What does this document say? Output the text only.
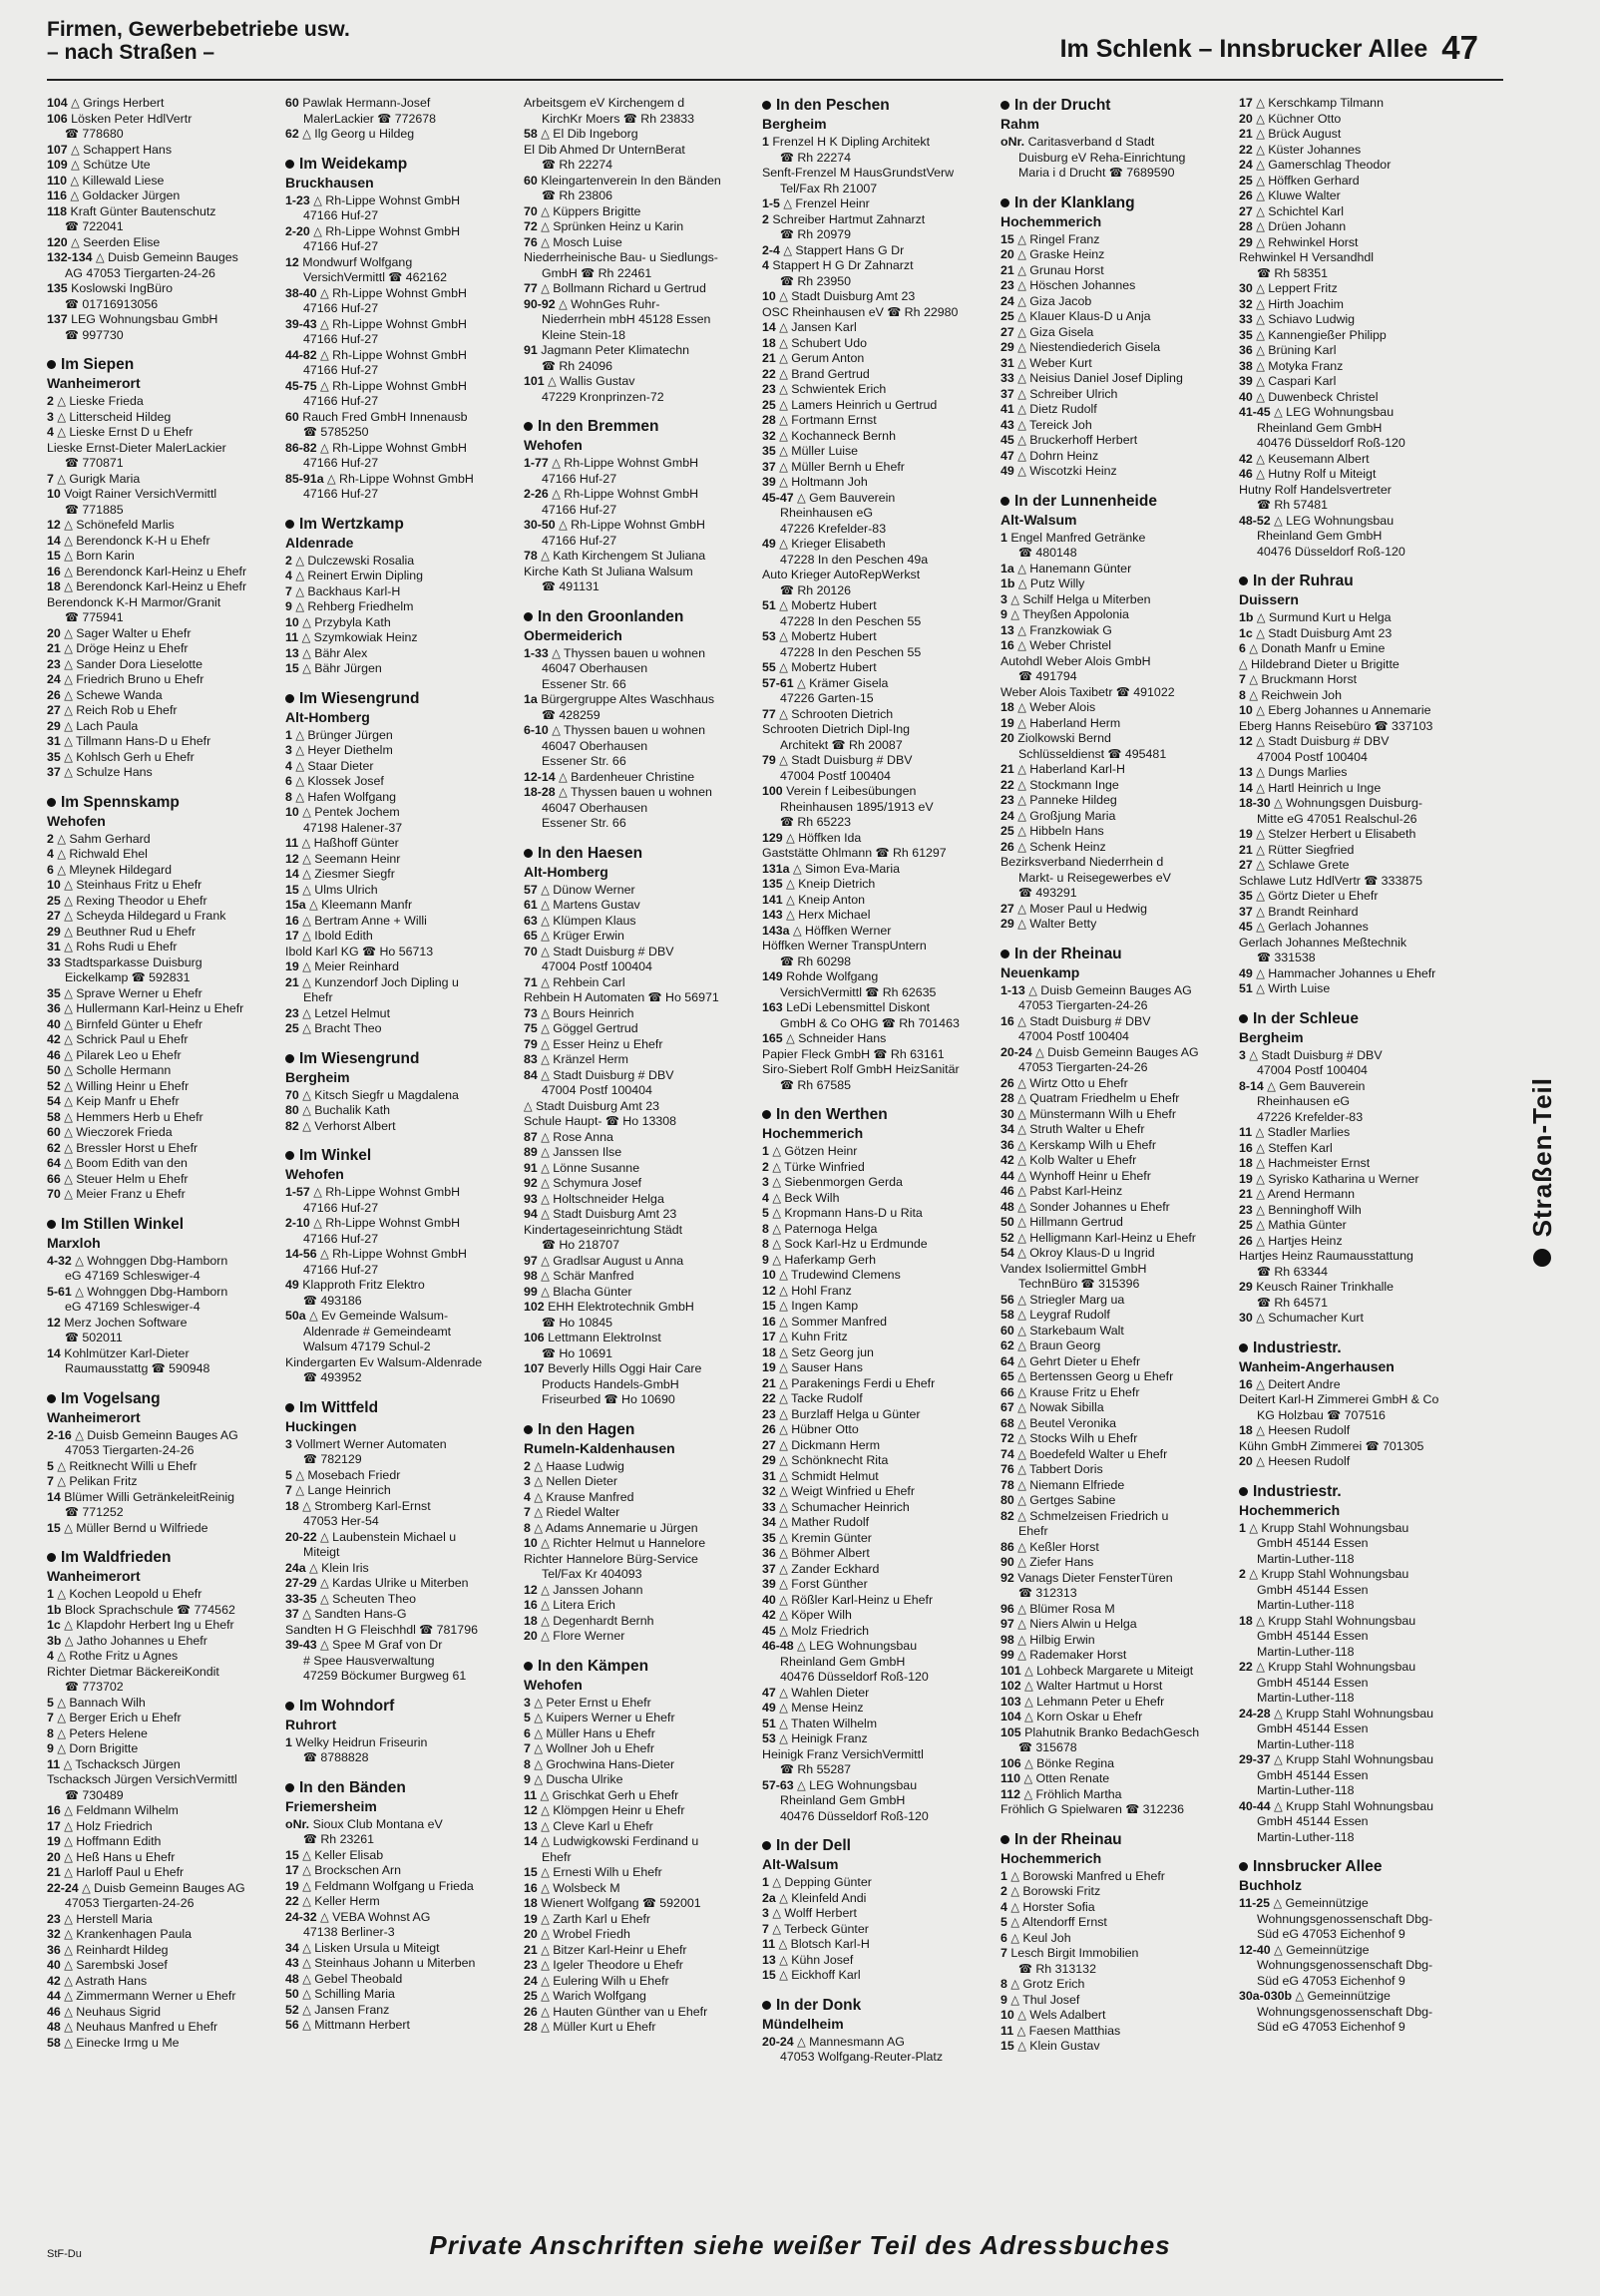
Firmen, Gewerbebetriebe usw.
– nach Straßen –	Im Schlenk – Innsbrucker Allee 47
104 △ Grings Herbert
106 Lösken Peter HdlVertr
☎ 778680
107 △ Schappert Hans
109 △ Schütze Ute
110 △ Killewald Liese
116 △ Goldacker Jürgen
118 Kraft Günter Bautenschutz
☎ 722041
120 △ Seerden Elise
132-134 △ Duisb Gemeinn Bauges
AG 47053 Tiergarten-24-26
135 Koslowski IngBüro
☎ 01716913056
137 LEG Wohnungsbau GmbH
☎ 997730
Im Siepen
Wanheimerort
2 △ Lieske Frieda
3 △ Litterscheid Hildeg
4 △ Lieske Ernst D u Ehefr
Lieske Ernst-Dieter MalerLackier
☎ 770871
7 △ Gurigk Maria
10 Voigt Rainer VersichVermittl
☎ 771885
12 △ Schönefeld Marlis
14 △ Berendonck K-H u Ehefr
15 △ Born Karin
16 △ Berendonck Karl-Heinz u Ehefr
18 △ Berendonck Karl-Heinz u Ehefr
Berendonck K-H Marmor/Granit
☎ 775941
20 △ Sager Walter u Ehefr
21 △ Dröge Heinz u Ehefr
23 △ Sander Dora Lieselotte
24 △ Friedrich Bruno u Ehefr
26 △ Schewe Wanda
27 △ Reich Rob u Ehefr
29 △ Lach Paula
31 △ Tillmann Hans-D u Ehefr
35 △ Kohlsch Gerh u Ehefr
37 △ Schulze Hans
Im Spennskamp
Wehofen
2 △ Sahm Gerhard
4 △ Richwald Ehel
6 △ Mleynek Hildegard
10 △ Steinhaus Fritz u Ehefr
25 △ Rexing Theodor u Ehefr
27 △ Scheyda Hildegard u Frank
29 △ Beuthner Rud u Ehefr
31 △ Rohs Rudi u Ehefr
33 Stadtsparkasse Duisburg
Eickelkamp ☎ 592831
35 △ Sprave Werner u Ehefr
36 △ Hullermann Karl-Heinz u Ehefr
40 △ Birnfeld Günter u Ehefr
42 △ Schrick Paul u Ehefr
46 △ Pilarek Leo u Ehefr
50 △ Scholle Hermann
52 △ Willing Heinr u Ehefr
54 △ Keip Manfr u Ehefr
58 △ Hemmers Herb u Ehefr
60 △ Wieczorek Frieda
62 △ Bressler Horst u Ehefr
64 △ Boom Edith van den
66 △ Steuer Helm u Ehefr
70 △ Meier Franz u Ehefr
Im Stillen Winkel
Marxloh
4-32 △ Wohnggen Dbg-Hamborn
eG 47169 Schleswiger-4
5-61 △ Wohnggen Dbg-Hamborn
eG 47169 Schleswiger-4
12 Merz Jochen Software
☎ 502011
14 Kohlmützer Karl-Dieter
Raumausstattg ☎ 590948
Im Vogelsang
Wanheimerort
2-16 △ Duisb Gemeinn Bauges AG
47053 Tiergarten-24-26
5 △ Reitknecht Willi u Ehefr
7 △ Pelikan Fritz
14 Blümer Willi GetränkeleitReinig
☎ 771252
15 △ Müller Bernd u Wilfriede
Im Waldfrieden
Wanheimerort
1 △ Kochen Leopold u Ehefr
1b Block Sprachschule ☎ 774562
1c △ Klapdohr Herbert Ing u Ehefr
3b △ Jatho Johannes u Ehefr
4 △ Rothe Fritz u Agnes
Richter Dietmar BäckereiKondit
☎ 773702
5 △ Bannach Wilh
7 △ Berger Erich u Ehefr
8 △ Peters Helene
9 △ Dorn Brigitte
11 △ Tschacksch Jürgen
Tschacksch Jürgen VersichVermittl
☎ 730489
16 △ Feldmann Wilhelm
17 △ Holz Friedrich
19 △ Hoffmann Edith
20 △ Heß Hans u Ehefr
21 △ Harloff Paul u Ehefr
22-24 △ Duisb Gemeinn Bauges AG
47053 Tiergarten-24-26
23 △ Herstell Maria
32 △ Krankenhagen Paula
36 △ Reinhardt Hildeg
40 △ Sarembski Josef
42 △ Astrath Hans
44 △ Zimmermann Werner u Ehefr
46 △ Neuhaus Sigrid
48 △ Neuhaus Manfred u Ehefr
58 △ Einecke Irmg u Me
60 Pawlak Hermann-Josef
MalerLackier ☎ 772678
62 △ Ilg Georg u Hildeg
Im Weidekamp
Bruckhausen
1-23 △ Rh-Lippe Wohnst GmbH
47166 Huf-27
2-20 △ Rh-Lippe Wohnst GmbH
47166 Huf-27
12 Mondwurf Wolfgang
VersichVermittl ☎ 462162
38-40 △ Rh-Lippe Wohnst GmbH
47166 Huf-27
39-43 △ Rh-Lippe Wohnst GmbH
47166 Huf-27
44-82 △ Rh-Lippe Wohnst GmbH
47166 Huf-27
45-75 △ Rh-Lippe Wohnst GmbH
47166 Huf-27
60 Rauch Fred GmbH Innenausb
☎ 5785250
86-82 △ Rh-Lippe Wohnst GmbH
47166 Huf-27
85-91a △ Rh-Lippe Wohnst GmbH
47166 Huf-27
Im Wertzkamp
Aldenrade
2 △ Dulczewski Rosalia
4 △ Reinert Erwin Dipling
7 △ Backhaus Karl-H
9 △ Rehberg Friedhelm
10 △ Przybyla Kath
11 △ Szymkowiak Heinz
13 △ Bähr Alex
15 △ Bähr Jürgen
Im Wiesengrund
Alt-Homberg
1 △ Brünger Jürgen
3 △ Heyer Diethelm
4 △ Staar Dieter
6 △ Klossek Josef
8 △ Hafen Wolfgang
10 △ Pentek Jochem
47198 Halener-37
11 △ Haßhoff Günter
12 △ Seemann Heinr
14 △ Ziesmer Siegfr
15 △ Ulms Ulrich
15a △ Kleemann Manfr
16 △ Bertram Anne + Willi
17 △ Ibold Edith
Ibold Karl KG ☎ Ho 56713
19 △ Meier Reinhard
21 △ Kunzendorf Joch Dipling u
Ehefr
23 △ Letzel Helmut
25 △ Bracht Theo
Im Wiesengrund
Bergheim
70 △ Kitsch Siegfr u Magdalena
80 △ Buchalik Kath
82 △ Verhorst Albert
Im Winkel
Wehofen
1-57 △ Rh-Lippe Wohnst GmbH
47166 Huf-27
2-10 △ Rh-Lippe Wohnst GmbH
47166 Huf-27
14-56 △ Rh-Lippe Wohnst GmbH
47166 Huf-27
49 Klapproth Fritz Elektro
☎ 493186
50a △ Ev Gemeinde Walsum-
Aldenrade # Gemeindeamt
Walsum 47179 Schul-2
Kindergarten Ev Walsum-Aldenrade
☎ 493952
Im Wittfeld
Huckingen
3 Vollmert Werner Automaten
☎ 782129
5 △ Mosebach Friedr
7 △ Lange Heinrich
18 △ Stromberg Karl-Ernst
47053 Her-54
20-22 △ Laubenstein Michael u
Miteigt
24a △ Klein Iris
27-29 △ Kardas Ulrike u Miterben
33-35 △ Scheuten Theo
37 △ Sandten Hans-G
Sandten H G Fleischhdl ☎ 781796
39-43 △ Spee M Graf von Dr
# Spee Hausverwaltung
47259 Böckumer Burgweg 61
Im Wohndorf
Ruhrort
1 Welky Heidrun Friseurin
☎ 8788828
In den Bänden
Friemersheim
oNr. Sioux Club Montana eV
☎ Rh 23261
15 △ Keller Elisab
17 △ Brockschen Arn
19 △ Feldmann Wolfgang u Frieda
22 △ Keller Herm
24-32 △ VEBA Wohnst AG
47138 Berliner-3
34 △ Lisken Ursula u Miteigt
43 △ Steinhaus Johann u Miterben
48 △ Gebel Theobald
50 △ Schilling Maria
52 △ Jansen Franz
56 △ Mittmann Herbert
Arbeitsgem eV Kirchengem d
KirchKr Moers ☎ Rh 23833
58 △ El Dib Ingeborg
El Dib Ahmed Dr UnternBerat
☎ Rh 22274
60 Kleingartenverein In den Bänden
☎ Rh 23806
70 △ Küppers Brigitte
72 △ Sprünken Heinz u Karin
76 △ Mosch Luise
Niederrheinische Bau- u Siedlungs-
GmbH ☎ Rh 22461
77 △ Bollmann Richard u Gertrud
90-92 △ WohnGes Ruhr-
Niederrhein mbH 45128 Essen
Kleine Stein-18
91 Jagmann Peter Klimatechn
☎ Rh 24096
101 △ Wallis Gustav
47229 Kronprinzen-72
In den Bremmen
Wehofen
1-77 △ Rh-Lippe Wohnst GmbH
47166 Huf-27
2-26 △ Rh-Lippe Wohnst GmbH
47166 Huf-27
30-50 △ Rh-Lippe Wohnst GmbH
47166 Huf-27
78 △ Kath Kirchengem St Juliana
Kirche Kath St Juliana Walsum
☎ 491131
In den Groonlanden
Obermeiderich
1-33 △ Thyssen bauen u wohnen
46047 Oberhausen
Essener Str. 66
1a Bürgergruppe Altes Waschhaus
☎ 428259
6-10 △ Thyssen bauen u wohnen
46047 Oberhausen
Essener Str. 66
12-14 △ Bardenheuer Christine
18-28 △ Thyssen bauen u wohnen
46047 Oberhausen
Essener Str. 66
In den Haesen
Alt-Homberg
57 △ Dünow Werner
61 △ Martens Gustav
63 △ Klümpen Klaus
65 △ Krüger Erwin
70 △ Stadt Duisburg # DBV
47004 Postf 100404
71 △ Rehbein Carl
Rehbein H Automaten ☎ Ho 56971
73 △ Bours Heinrich
75 △ Göggel Gertrud
79 △ Esser Heinz u Ehefr
83 △ Kränzel Herm
84 △ Stadt Duisburg # DBV
47004 Postf 100404
△ Stadt Duisburg Amt 23
Schule Haupt- ☎ Ho 13308
87 △ Rose Anna
89 △ Janssen Ilse
91 △ Lönne Susanne
92 △ Schymura Josef
93 △ Holtschneider Helga
94 △ Stadt Duisburg Amt 23
Kindertageseinrichtung Städt
☎ Ho 218707
97 △ Gradlsar August u Anna
98 △ Schär Manfred
99 △ Blacha Günter
102 EHH Elektrotechnik GmbH
☎ Ho 10845
106 Lettmann ElektroInst
☎ Ho 10691
107 Beverly Hills Oggi Hair Care
Products Handels-GmbH
Friseurbed ☎ Ho 10690
In den Hagen
Rumeln-Kaldenhausen
2 △ Haase Ludwig
3 △ Nellen Dieter
4 △ Krause Manfred
7 △ Riedel Walter
8 △ Adams Annemarie u Jürgen
10 △ Richter Helmut u Hannelore
Richter Hannelore Bürg-Service
Tel/Fax Kr 404093
12 △ Janssen Johann
16 △ Litera Erich
18 △ Degenhardt Bernh
20 △ Flore Werner
In den Kämpen
Wehofen
3 △ Peter Ernst u Ehefr
5 △ Kuipers Werner u Ehefr
6 △ Müller Hans u Ehefr
7 △ Wollner Joh u Ehefr
8 △ Grochwina Hans-Dieter
9 △ Duscha Ulrike
11 △ Grischkat Gerh u Ehefr
12 △ Klömpgen Heinr u Ehefr
13 △ Cleve Karl u Ehefr
14 △ Ludwigkowski Ferdinand u
Ehefr
15 △ Ernesti Wilh u Ehefr
16 △ Wolsbeck M
18 Wienert Wolfgang ☎ 592001
19 △ Zarth Karl u Ehefr
20 △ Wrobel Friedh
21 △ Bitzer Karl-Heinr u Ehefr
23 △ Igeler Theodore u Ehefr
24 △ Eulering Wilh u Ehefr
25 △ Warich Wolfgang
26 △ Hauten Günther van u Ehefr
28 △ Müller Kurt u Ehefr
In den Peschen
Bergheim
1 Frenzel H K Dipling Architekt
☎ Rh 22274
Senft-Frenzel M HausGrundstVerw
Tel/Fax Rh 21007
1-5 △ Frenzel Heinr
2 Schreiber Hartmut Zahnarzt
☎ Rh 20979
2-4 △ Stappert Hans G Dr
4 Stappert H G Dr Zahnarzt
☎ Rh 23950
10 △ Stadt Duisburg Amt 23
OSC Rheinhausen eV ☎ Rh 22980
14 △ Jansen Karl
18 △ Schubert Udo
21 △ Gerum Anton
22 △ Brand Gertrud
23 △ Schwientek Erich
25 △ Lamers Heinrich u Gertrud
28 △ Fortmann Ernst
32 △ Kochanneck Bernh
35 △ Müller Luise
37 △ Müller Bernh u Ehefr
39 △ Holtmann Joh
45-47 △ Gem Bauverein
Rheinhausen eG
47226 Krefelder-83
49 △ Krieger Elisabeth
47228 In den Peschen 49a
Auto Krieger AutoRepWerkst
☎ Rh 20126
51 △ Mobertz Hubert
47228 In den Peschen 55
53 △ Mobertz Hubert
47228 In den Peschen 55
55 △ Mobertz Hubert
57-61 △ Krämer Gisela
47226 Garten-15
77 △ Schrooten Dietrich
Schrooten Dietrich Dipl-Ing
Architekt ☎ Rh 20087
79 △ Stadt Duisburg # DBV
47004 Postf 100404
100 Verein f Leibesübungen
Rheinhausen 1895/1913 eV
☎ Rh 65223
129 △ Höffken Ida
Gaststätte Ohlmann ☎ Rh 61297
131a △ Simon Eva-Maria
135 △ Kneip Dietrich
141 △ Kneip Anton
143 △ Herx Michael
143a △ Höffken Werner
Höffken Werner TranspUntern
☎ Rh 60298
149 Rohde Wolfgang
VersichVermittl ☎ Rh 62635
163 LeDi Lebensmittel Diskont
GmbH & Co OHG ☎ Rh 701463
165 △ Schneider Hans
Papier Fleck GmbH ☎ Rh 63161
Siro-Siebert Rolf GmbH HeizSanitär
☎ Rh 67585
In den Werthen
Hochemmerich
1 △ Götzen Heinr
2 △ Türke Winfried
3 △ Siebenmorgen Gerda
4 △ Beck Wilh
5 △ Kropmann Hans-D u Rita
8 △ Paternoga Helga
8 △ Sock Karl-Hz u Erdmunde
9 △ Haferkamp Gerh
10 △ Trudewind Clemens
12 △ Hohl Franz
15 △ Ingen Kamp
16 △ Sommer Manfred
17 △ Kuhn Fritz
18 △ Setz Georg jun
19 △ Sauser Hans
21 △ Parakenings Ferdi u Ehefr
22 △ Tacke Rudolf
23 △ Burzlaff Helga u Günter
26 △ Hübner Otto
27 △ Dickmann Herm
29 △ Schönknecht Rita
31 △ Schmidt Helmut
32 △ Weigt Winfried u Ehefr
33 △ Schumacher Heinrich
34 △ Mather Rudolf
35 △ Kremin Günter
36 △ Böhmer Albert
37 △ Zander Eckhard
39 △ Forst Günther
40 △ Rößler Karl-Heinz u Ehefr
42 △ Köper Wilh
45 △ Molz Friedrich
46-48 △ LEG Wohnungsbau
Rheinland Gem GmbH
40476 Düsseldorf Roß-120
47 △ Wahlen Dieter
49 △ Mense Heinz
51 △ Thaten Wilhelm
53 △ Heinigk Franz
Heinigk Franz VersichVermittl
☎ Rh 55287
57-63 △ LEG Wohnungsbau
Rheinland Gem GmbH
40476 Düsseldorf Roß-120
In der Dell
Alt-Walsum
1 △ Depping Günter
2a △ Kleinfeld Andi
3 △ Wolff Herbert
7 △ Terbeck Günter
11 △ Blotsch Karl-H
13 △ Kühn Josef
15 △ Eickhoff Karl
In der Donk
Mündelheim
20-24 △ Mannesmann AG
47053 Wolfgang-Reuter-Platz
In der Drucht
Rahm
oNr. Caritasverband d Stadt
Duisburg eV Reha-Einrichtung
Maria i d Drucht ☎ 7689590
In der Klanklang
Hochemmerich
15 △ Ringel Franz
20 △ Graske Heinz
21 △ Grunau Horst
23 △ Höschen Johannes
24 △ Giza Jacob
25 △ Klauer Klaus-D u Anja
27 △ Giza Gisela
29 △ Niestendiederich Gisela
31 △ Weber Kurt
33 △ Neisius Daniel Josef Dipling
37 △ Schreiber Ulrich
41 △ Dietz Rudolf
43 △ Tereick Joh
45 △ Bruckerhoff Herbert
47 △ Dohrn Heinz
49 △ Wiscotzki Heinz
In der Lunnenheide
Alt-Walsum
1 Engel Manfred Getränke
☎ 480148
1a △ Hanemann Günter
1b △ Putz Willy
3 △ Schilf Helga u Miterben
9 △ Theyßen Appolonia
13 △ Franzkowiak G
16 △ Weber Christel
Autohdl Weber Alois GmbH
☎ 491794
Weber Alois Taxibetr ☎ 491022
18 △ Weber Alois
19 △ Haberland Herm
20 Ziolkowski Bernd
Schlüsseldienst ☎ 495481
21 △ Haberland Karl-H
22 △ Stockmann Inge
23 △ Panneke Hildeg
24 △ Großjung Maria
25 △ Hibbeln Hans
26 △ Schenk Heinz
Bezirksverband Niederrhein d
Markt- u Reisegewerbes eV
☎ 493291
27 △ Moser Paul u Hedwig
29 △ Walter Betty
In der Rheinau
Neuenkamp
1-13 △ Duisb Gemeinn Bauges AG
47053 Tiergarten-24-26
16 △ Stadt Duisburg # DBV
47004 Postf 100404
20-24 △ Duisb Gemeinn Bauges AG
47053 Tiergarten-24-26
26 △ Wirtz Otto u Ehefr
28 △ Quatram Friedhelm u Ehefr
30 △ Münstermann Wilh u Ehefr
34 △ Struth Walter u Ehefr
36 △ Kerskamp Wilh u Ehefr
42 △ Kolb Walter u Ehefr
44 △ Wynhoff Heinr u Ehefr
46 △ Pabst Karl-Heinz
48 △ Sonder Johannes u Ehefr
50 △ Hillmann Gertrud
52 △ Helligmann Karl-Heinz u Ehefr
54 △ Okroy Klaus-D u Ingrid
Vandex Isoliermittel GmbH
TechnBüro ☎ 315396
56 △ Striegler Marg ua
58 △ Leygraf Rudolf
60 △ Starkebaum Walt
62 △ Braun Georg
64 △ Gehrt Dieter u Ehefr
65 △ Bertenssen Georg u Ehefr
66 △ Krause Fritz u Ehefr
67 △ Nowak Sibilla
68 △ Beutel Veronika
72 △ Stocks Wilh u Ehefr
74 △ Boedefeld Walter u Ehefr
76 △ Tabbert Doris
78 △ Niemann Elfriede
80 △ Gertges Sabine
82 △ Schmelzeisen Friedrich u
Ehefr
86 △ Keßler Horst
90 △ Ziefer Hans
92 Vanags Dieter FensterTüren
☎ 312313
96 △ Blümer Rosa M
97 △ Niers Alwin u Helga
98 △ Hilbig Erwin
99 △ Rademaker Horst
101 △ Lohbeck Margarete u Miteigt
102 △ Walter Hartmut u Horst
103 △ Lehmann Peter u Ehefr
104 △ Korn Oskar u Ehefr
105 Plahutnik Branko BedachGesch
☎ 315678
106 △ Bönke Regina
110 △ Otten Renate
112 △ Fröhlich Martha
Fröhlich G Spielwaren ☎ 312236
In der Rheinau
Hochemmerich
1 △ Borowski Manfred u Ehefr
2 △ Borowski Fritz
4 △ Horster Sofia
5 △ Altendorff Ernst
6 △ Keul Joh
7 Lesch Birgit Immobilien
☎ Rh 313132
8 △ Grotz Erich
9 △ Thul Josef
10 △ Wels Adalbert
11 △ Faesen Matthias
15 △ Klein Gustav
17 △ Kerschkamp Tilmann
20 △ Küchner Otto
21 △ Brück August
22 △ Küster Johannes
24 △ Gamerschlag Theodor
25 △ Höffken Gerhard
26 △ Kluwe Walter
27 △ Schichtel Karl
28 △ Drüen Johann
29 △ Rehwinkel Horst
Rehwinkel H Versandhdl
☎ Rh 58351
30 △ Leppert Fritz
32 △ Hirth Joachim
33 △ Schiavo Ludwig
35 △ Kannengießer Philipp
36 △ Brüning Karl
38 △ Motyka Franz
39 △ Caspari Karl
40 △ Duwenbeck Christel
41-45 △ LEG Wohnungsbau
Rheinland Gem GmbH
40476 Düsseldorf Roß-120
42 △ Keusemann Albert
46 △ Hutny Rolf u Miteigt
Hutny Rolf Handelsvertreter
☎ Rh 57481
48-52 △ LEG Wohnungsbau
Rheinland Gem GmbH
40476 Düsseldorf Roß-120
In der Ruhrau
Duissern
1b △ Surmund Kurt u Helga
1c △ Stadt Duisburg Amt 23
6 △ Donath Manfr u Emine
△ Hildebrand Dieter u Brigitte
7 △ Bruckmann Horst
8 △ Reichwein Joh
10 △ Eberg Johannes u Annemarie
Eberg Hanns Reisebüro ☎ 337103
12 △ Stadt Duisburg # DBV
47004 Postf 100404
13 △ Dungs Marlies
14 △ Hartl Heinrich u Inge
18-30 △ Wohnungsgen Duisburg-
Mitte eG 47051 Realschul-26
19 △ Stelzer Herbert u Elisabeth
21 △ Rütter Siegfried
27 △ Schlawe Grete
Schlawe Lutz HdlVertr ☎ 333875
35 △ Görtz Dieter u Ehefr
37 △ Brandt Reinhard
45 △ Gerlach Johannes
Gerlach Johannes Meßtechnik
☎ 331538
49 △ Hammacher Johannes u Ehefr
51 △ Wirth Luise
In der Schleue
Bergheim
3 △ Stadt Duisburg # DBV
47004 Postf 100404
8-14 △ Gem Bauverein
Rheinhausen eG
47226 Krefelder-83
11 △ Stadler Marlies
16 △ Steffen Karl
18 △ Hachmeister Ernst
19 △ Syrisko Katharina u Werner
21 △ Arend Hermann
23 △ Benninghoff Wilh
25 △ Mathia Günter
26 △ Hartjes Heinz
Hartjes Heinz Raumausstattung
☎ Rh 63344
29 Keusch Rainer Trinkhalle
☎ Rh 64571
30 △ Schumacher Kurt
Industriestr.
Wanheim-Angerhausen
16 △ Deitert Andre
Deitert Karl-H Zimmerei GmbH & Co
KG Holzbau ☎ 707516
18 △ Heesen Rudolf
Kühn GmbH Zimmerei ☎ 701305
20 △ Heesen Rudolf
Industriestr.
Hochemmerich
1 △ Krupp Stahl Wohnungsbau
GmbH 45144 Essen
Martin-Luther-118
2 △ Krupp Stahl Wohnungsbau
GmbH 45144 Essen
Martin-Luther-118
18 △ Krupp Stahl Wohnungsbau
GmbH 45144 Essen
Martin-Luther-118
22 △ Krupp Stahl Wohnungsbau
GmbH 45144 Essen
Martin-Luther-118
24-28 △ Krupp Stahl Wohnungsbau
GmbH 45144 Essen
Martin-Luther-118
29-37 △ Krupp Stahl Wohnungsbau
GmbH 45144 Essen
Martin-Luther-118
40-44 △ Krupp Stahl Wohnungsbau
GmbH 45144 Essen
Martin-Luther-118
Innsbrucker Allee
Buchholz
11-25 △ Gemeinnützige
Wohnungsgenossenschaft Dbg-
Süd eG 47053 Eichenhof 9
12-40 △ Gemeinnützige
Wohnungsgenossenschaft Dbg-
Süd eG 47053 Eichenhof 9
30a-030b △ Gemeinnützige
Wohnungsgenossenschaft Dbg-
Süd eG 47053 Eichenhof 9
Straßen-Teil
Private Anschriften siehe weißer Teil des Adressbuches
StF-Du
